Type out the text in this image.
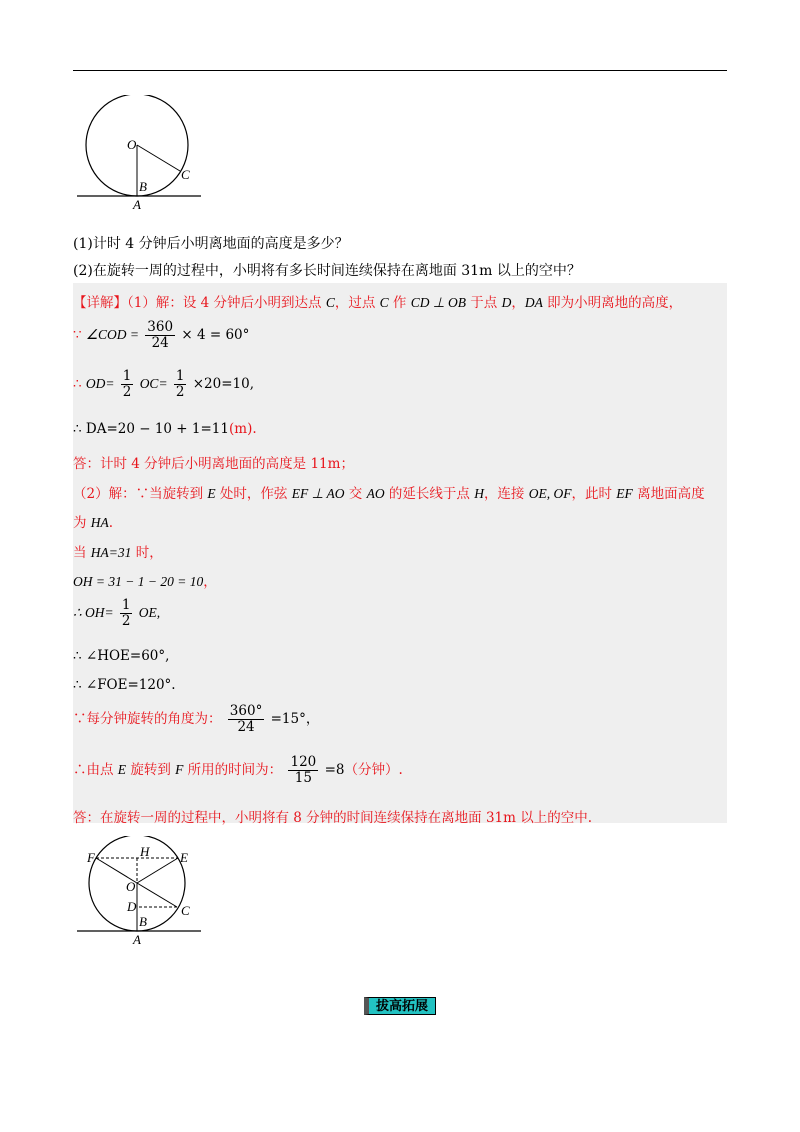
O
C
B
A
(1)计时 4 分钟后小明离地面的高度是多少？
(2)在旋转一周的过程中，小明将有多长时间连续保持在离地面 31m 以上的空中？
【详解】（1）解：设 4 分钟后小明到达点 C，过点 C 作 CD ⊥ OB 于点 D，DA 即为小明离地的高度，
∵ ∠COD = $\frac{360}{24} \times 4 = 60^\circ$
∴ $OD= \frac{1}{2} OC= \frac{1}{2} \times 20=10$,
∴ DA=20 − 10 + 1=11(m).
答：计时 4 分钟后小明离地面的高度是 11m；
（2）解：∵当旋转到 E 处时，作弦 EF ⊥ AO 交 AO 的延长线于点 H，连接 OE, OF，此时 EF 离地面高度
为 HA.
当 HA=31 时，
OH = 31 − 1 − 20 = 10，
∴ $OH= \frac{1}{2}$ OE,
∴ ∠HOE=60°,
∴ ∠FOE=120°.
∵每分钟旋转的角度为： $\frac{360^\circ}{24} =15^\circ$，
∴由点 E 旋转到 F 所用的时间为： $\frac{120}{15} =8$（分钟）.
答：在旋转一周的过程中，小明将有 8 分钟的时间连续保持在离地面 31m 以上的空中.
F	H E
O
D	C
B
A
拔高拓展
